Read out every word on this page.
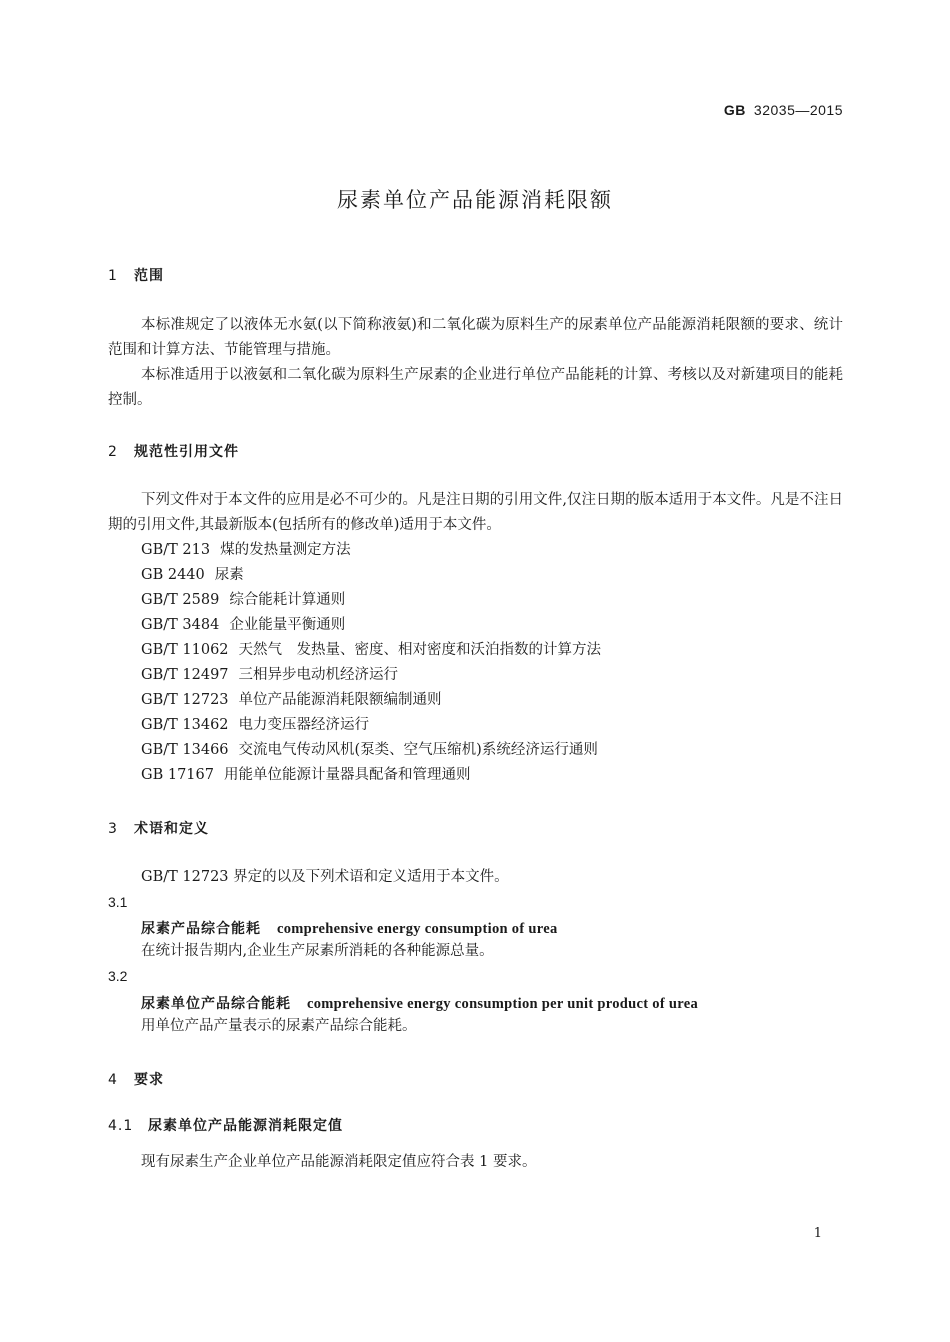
GB 32035—2015
尿素单位产品能源消耗限额
1 范围
本标准规定了以液体无水氨(以下简称液氨)和二氧化碳为原料生产的尿素单位产品能源消耗限额的要求、统计范围和计算方法、节能管理与措施。
本标准适用于以液氨和二氧化碳为原料生产尿素的企业进行单位产品能耗的计算、考核以及对新建项目的能耗控制。
2 规范性引用文件
下列文件对于本文件的应用是必不可少的。凡是注日期的引用文件,仅注日期的版本适用于本文件。凡是不注日期的引用文件,其最新版本(包括所有的修改单)适用于本文件。
GB/T 213 煤的发热量测定方法
GB 2440 尿素
GB/T 2589 综合能耗计算通则
GB/T 3484 企业能量平衡通则
GB/T 11062 天然气　发热量、密度、相对密度和沃泊指数的计算方法
GB/T 12497 三相异步电动机经济运行
GB/T 12723 单位产品能源消耗限额编制通则
GB/T 13462 电力变压器经济运行
GB/T 13466 交流电气传动风机(泵类、空气压缩机)系统经济运行通则
GB 17167 用能单位能源计量器具配备和管理通则
3 术语和定义
GB/T 12723 界定的以及下列术语和定义适用于本文件。
3.1
尿素产品综合能耗 comprehensive energy consumption of urea
在统计报告期内,企业生产尿素所消耗的各种能源总量。
3.2
尿素单位产品综合能耗 comprehensive energy consumption per unit product of urea
用单位产品产量表示的尿素产品综合能耗。
4 要求
4.1 尿素单位产品能源消耗限定值
现有尿素生产企业单位产品能源消耗限定值应符合表 1 要求。
1
